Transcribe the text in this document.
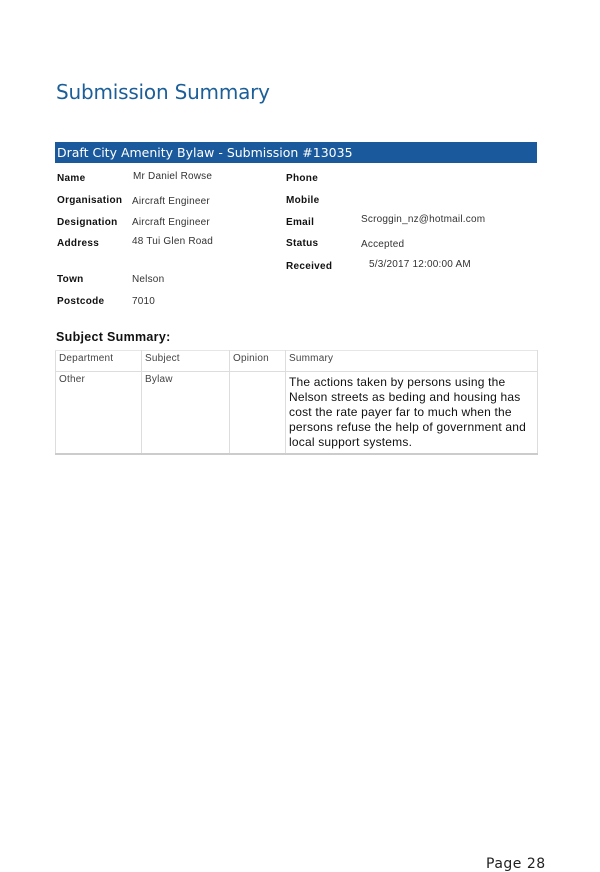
Submission Summary
Draft City Amenity Bylaw - Submission #13035
Name	Mr Daniel Rowse
Organisation Aircraft Engineer
Designation Aircraft Engineer
Address	48 Tui Glen Road
Town	Nelson
Postcode	7010
Phone
Mobile
Email	Scroggin_nz@hotmail.com
Status	Accepted
Received	5/3/2017 12:00:00 AM
Subject Summary:
Department	Subject	Opinion	Summary
Other	Bylaw		The actions taken by persons using the Nelson streets as beding and housing has cost the rate payer far to much when the persons refuse the help of government and local support systems.
Page 28
